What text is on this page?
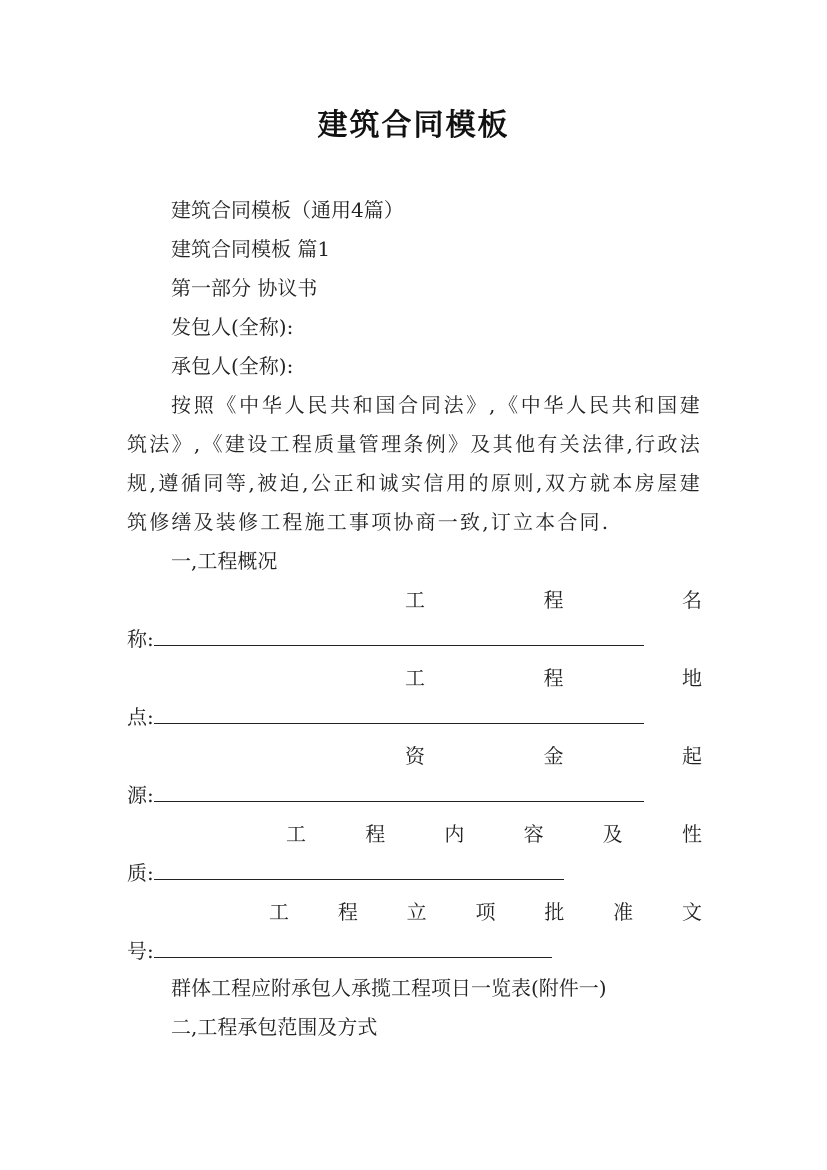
建筑合同模板
建筑合同模板（通用4篇）
建筑合同模板 篇1
第一部分 协议书
发包人(全称):
承包人(全称):
按照《中华人民共和国合同法》,《中华人民共和国建筑法》,《建设工程质量管理条例》及其他有关法律,行政法规,遵循同等,被迫,公正和诚实信用的原则,双方就本房屋建筑修缮及装修工程施工事项协商一致,订立本合同.
一,工程概况
工	程	名
称:
工	程	地
点:
资	金	起
源:
工	程	内	容	及	性
质:
工 程 立 项 批 准 文
号:
群体工程应附承包人承揽工程项日一览表(附件一)
二,工程承包范围及方式
